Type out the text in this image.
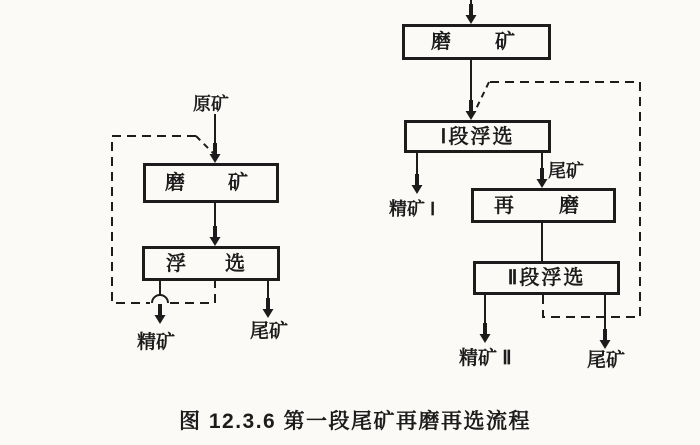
原矿
磨 矿
浮 选
精矿
尾矿
磨 矿
Ⅰ段浮选
尾矿
精矿 Ⅰ	再 磨
Ⅱ段浮选
精矿 Ⅱ	尾矿
图 12.3.6 第一段尾矿再磨再选流程
